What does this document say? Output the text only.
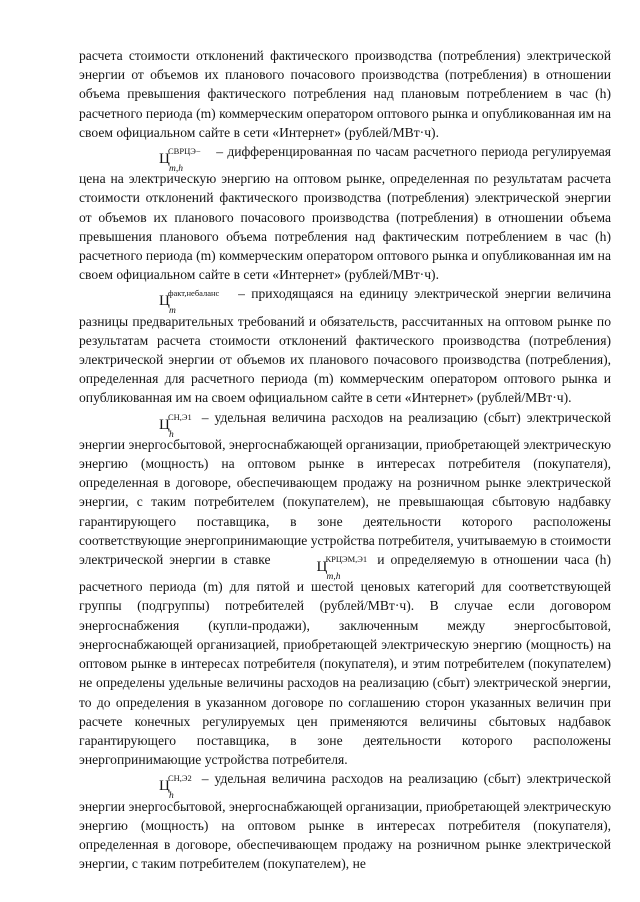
расчета стоимости отклонений фактического производства (потребления) электрической энергии от объемов их планового почасового производства (потребления) в отношении объема превышения фактического потребления над плановым потреблением в час (h) расчетного периода (m) коммерческим оператором оптового рынка и опубликованная им на своем официальном сайте в сети «Интернет» (рублей/МВт·ч).

Ц
СВРЦЭ−
m,h
– дифференцированная по часам расчетного периода регулируемая цена на электрическую энергию на оптовом рынке, определенная по результатам расчета стоимости отклонений фактического производства (потребления) электрической энергии от объемов их планового почасового производства (потребления) в отношении объема превышения планового объема потребления над фактическим потреблением в час (h) расчетного периода (m) коммерческим оператором оптового рынка и опубликованная им на своем официальном сайте в сети «Интернет» (рублей/МВт·ч).

Ц
факт,небаланс
m
– приходящаяся на единицу электрической энергии величина разницы предварительных требований и обязательств, рассчитанных на оптовом рынке по результатам расчета стоимости отклонений фактического производства (потребления) электрической энергии от объемов их планового почасового производства (потребления), определенная для расчетного периода (m) коммерческим оператором оптового рынка и опубликованная им на своем официальном сайте в сети «Интернет» (рублей/МВт·ч).

Ц
СН,Э1
h
– удельная величина расходов на реализацию (сбыт) электрической энергии энергосбытовой, энергоснабжающей организации, приобретающей электрическую энергию (мощность) на оптовом рынке в интересах потребителя (покупателя), определенная в договоре, обеспечивающем продажу на розничном рынке электрической энергии, с таким потребителем (покупателем), не превышающая сбытовую надбавку гарантирующего поставщика, в зоне деятельности которого расположены соответствующие энергопринимающие устройства потребителя, учитываемую в стоимости электрической энергии в ставке	Ц
КРЦЭМ,Э1
m,h
и определяемую в отношении часа (h) расчетного периода (m) для пятой и шестой ценовых категорий для соответствующей группы (подгруппы) потребителей (рублей/МВт·ч). В случае если договором энергоснабжения (купли-продажи), заключенным между энергосбытовой, энергоснабжающей организацией, приобретающей электрическую энергию (мощность) на оптовом рынке в интересах потребителя (покупателя), и этим потребителем (покупателем) не определены удельные величины расходов на реализацию (сбыт) электрической энергии, то до определения в указанном договоре по соглашению сторон указанных величин при расчете конечных регулируемых цен применяются величины сбытовых надбавок гарантирующего поставщика, в зоне деятельности которого расположены энергопринимающие устройства потребителя.

Ц
СН,Э2
h
– удельная величина расходов на реализацию (сбыт) электрической энергии энергосбытовой, энергоснабжающей организации, приобретающей электрическую энергию (мощность) на оптовом рынке в интересах потребителя (покупателя), определенная в договоре, обеспечивающем продажу на розничном рынке электрической энергии, с таким потребителем (покупателем), не
